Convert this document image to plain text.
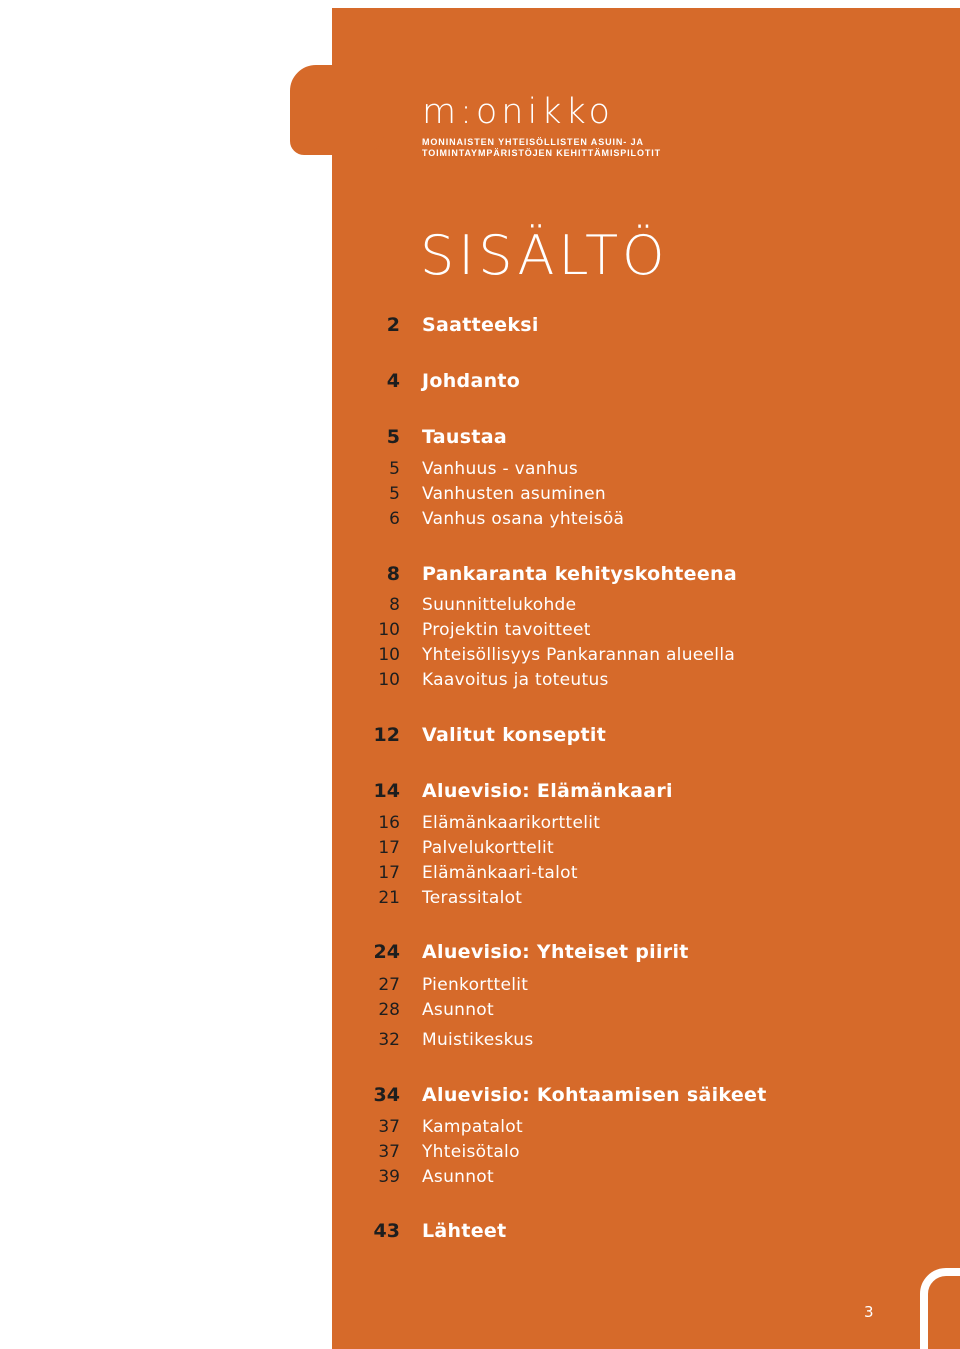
m:onikko
MONINAISTEN YHTEISÖLLISTEN ASUIN- JA
TOIMINTAYMPÄRISTÖJEN KEHITTÄMISPILOTIT
SISÄLTÖ
2 Saatteeksi
4 Johdanto
5 Taustaa
5 Vanhuus - vanhus
5 Vanhusten asuminen
6 Vanhus osana yhteisöä
8 Pankaranta kehityskohteena
8 Suunnittelukohde
10 Projektin tavoitteet
10 Yhteisöllisyys Pankarannan alueella
10 Kaavoitus ja toteutus
12 Valitut konseptit
14 Aluevisio: Elämänkaari
16 Elämänkaarikorttelit
17 Palvelukorttelit
17 Elämänkaari-talot
21 Terassitalot
24 Aluevisio: Yhteiset piirit
27 Pienkorttelit
28 Asunnot
32 Muistikeskus
34 Aluevisio: Kohtaamisen säikeet
37 Kampatalot
37 Yhteisötalo
39 Asunnot
43 Lähteet
3
